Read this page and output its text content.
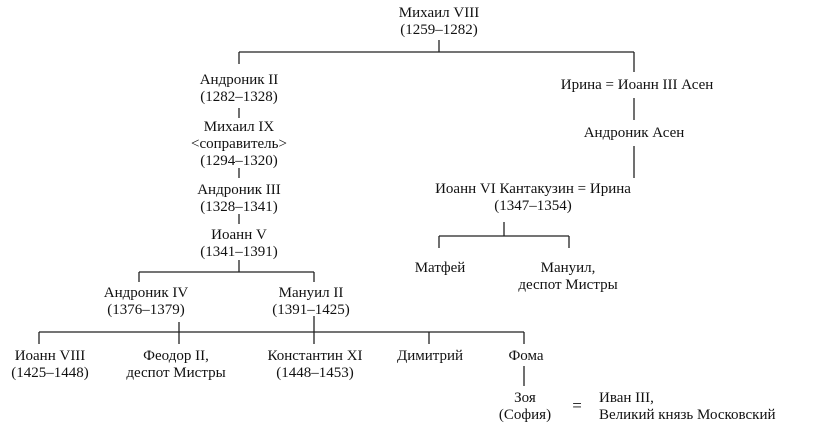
Михаил VIII
(1259–1282)
Андроник II
(1282–1328)
Ирина = Иоанн III Асен
Михаил IX
<соправитель>
(1294–1320)
Андроник Асен
Андроник III
(1328–1341)
Иоанн VI Кантакузин = Ирина
(1347–1354)
Иоанн V
(1341–1391)
Матфей	Мануил,
деспот Мистры
Андроник IV
(1376–1379)
Мануил II
(1391–1425)
Иоанн VIII
(1425–1448)
Феодор II,
деспот Мистры
Константин XI
(1448–1453)
Димитрий	Фома
Зоя
(София) = Иван III,
Великий князь Московский
